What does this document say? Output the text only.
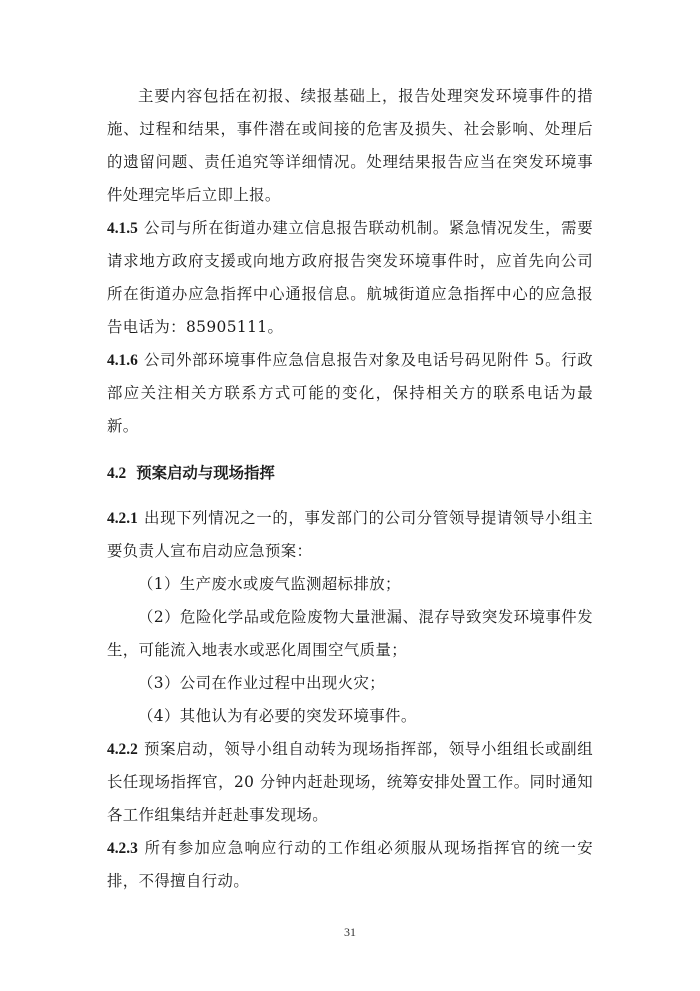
主要内容包括在初报、续报基础上，报告处理突发环境事件的措施、过程和结果，事件潜在或间接的危害及损失、社会影响、处理后的遗留问题、责任追究等详细情况。处理结果报告应当在突发环境事件处理完毕后立即上报。

4.1.5 公司与所在街道办建立信息报告联动机制。紧急情况发生，需要请求地方政府支援或向地方政府报告突发环境事件时，应首先向公司所在街道办应急指挥中心通报信息。航城街道应急指挥中心的应急报告电话为：85905111。

4.1.6 公司外部环境事件应急信息报告对象及电话号码见附件 5。行政部应关注相关方联系方式可能的变化，保持相关方的联系电话为最新。

4.2 预案启动与现场指挥

4.2.1 出现下列情况之一的，事发部门的公司分管领导提请领导小组主要负责人宣布启动应急预案：

（1）生产废水或废气监测超标排放；

（2）危险化学品或危险废物大量泄漏、混存导致突发环境事件发生，可能流入地表水或恶化周围空气质量；

（3）公司在作业过程中出现火灾；

（4）其他认为有必要的突发环境事件。

4.2.2 预案启动，领导小组自动转为现场指挥部，领导小组组长或副组长任现场指挥官，20 分钟内赶赴现场，统筹安排处置工作。同时通知各工作组集结并赶赴事发现场。

4.2.3 所有参加应急响应行动的工作组必须服从现场指挥官的统一安排，不得擅自行动。

31
